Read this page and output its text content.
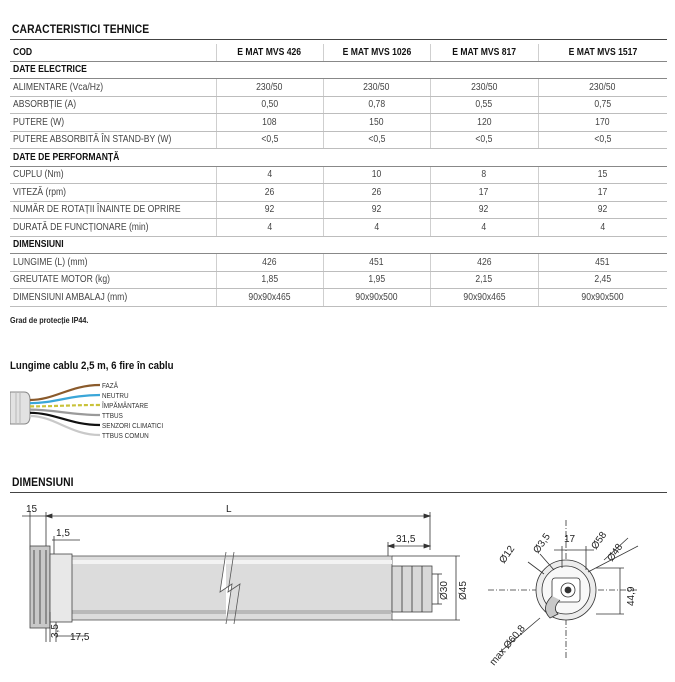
CARACTERISTICI TEHNICE
COD	E MAT MVS 426	E MAT MVS 1026	E MAT MVS 817	E MAT MVS 1517
DATE ELECTRICE				
ALIMENTARE (Vca/Hz)	230/50	230/50	230/50	230/50
ABSORBȚIE (A)	0,50	0,78	0,55	0,75
PUTERE (W)	108	150	120	170
PUTERE ABSORBITĂ ÎN STAND-BY (W)	<0,5	<0,5	<0,5	<0,5
DATE DE PERFORMANȚĂ				
CUPLU (Nm)	4	10	8	15
VITEZĂ (rpm)	26	26	17	17
NUMĂR DE ROTAȚII ÎNAINTE DE OPRIRE	92	92	92	92
DURATĂ DE FUNCȚIONARE (min)	4	4	4	4
DIMENSIUNI				
LUNGIME (L) (mm)	426	451	426	451
GREUTATE MOTOR (kg)	1,85	1,95	2,15	2,45
DIMENSIUNI AMBALAJ (mm)	90x90x465	90x90x500	90x90x465	90x90x500
Grad de protecție IP44.
Lungime cablu 2,5 m, 6 fire în cablu
FAZĂ
NEUTRU
ÎMPĂMÂNTARE
TTBUS
SENZORI CLIMATICI
TTBUS COMUN
DIMENSIUNI
15
1,5
L
31,5
Ø30 Ø45
3,5 17,5
Ø12 Ø3,5 17 Ø58
Ø48
44,9
max Ø60,8
